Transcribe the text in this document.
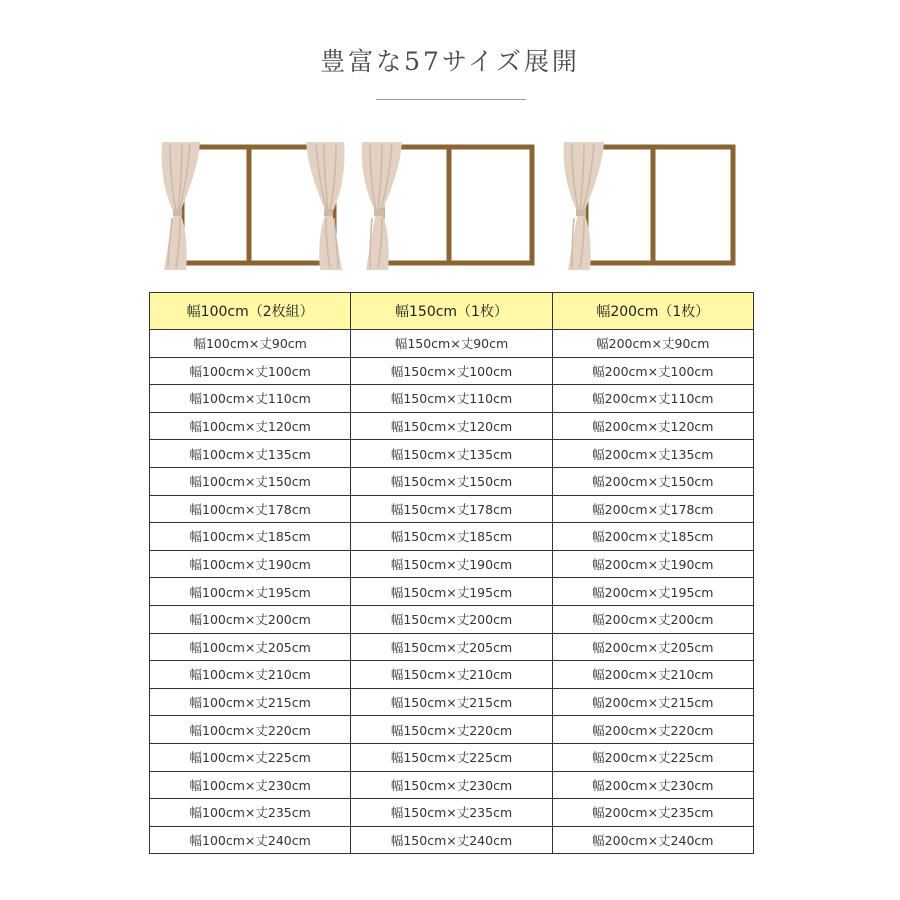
豊富な57サイズ展開
幅100cm（2枚組）	幅150cm（1枚）	幅200cm（1枚）
幅100cm×丈90cm	幅150cm×丈90cm	幅200cm×丈90cm
幅100cm×丈100cm	幅150cm×丈100cm	幅200cm×丈100cm
幅100cm×丈110cm	幅150cm×丈110cm	幅200cm×丈110cm
幅100cm×丈120cm	幅150cm×丈120cm	幅200cm×丈120cm
幅100cm×丈135cm	幅150cm×丈135cm	幅200cm×丈135cm
幅100cm×丈150cm	幅150cm×丈150cm	幅200cm×丈150cm
幅100cm×丈178cm	幅150cm×丈178cm	幅200cm×丈178cm
幅100cm×丈185cm	幅150cm×丈185cm	幅200cm×丈185cm
幅100cm×丈190cm	幅150cm×丈190cm	幅200cm×丈190cm
幅100cm×丈195cm	幅150cm×丈195cm	幅200cm×丈195cm
幅100cm×丈200cm	幅150cm×丈200cm	幅200cm×丈200cm
幅100cm×丈205cm	幅150cm×丈205cm	幅200cm×丈205cm
幅100cm×丈210cm	幅150cm×丈210cm	幅200cm×丈210cm
幅100cm×丈215cm	幅150cm×丈215cm	幅200cm×丈215cm
幅100cm×丈220cm	幅150cm×丈220cm	幅200cm×丈220cm
幅100cm×丈225cm	幅150cm×丈225cm	幅200cm×丈225cm
幅100cm×丈230cm	幅150cm×丈230cm	幅200cm×丈230cm
幅100cm×丈235cm	幅150cm×丈235cm	幅200cm×丈235cm
幅100cm×丈240cm	幅150cm×丈240cm	幅200cm×丈240cm
